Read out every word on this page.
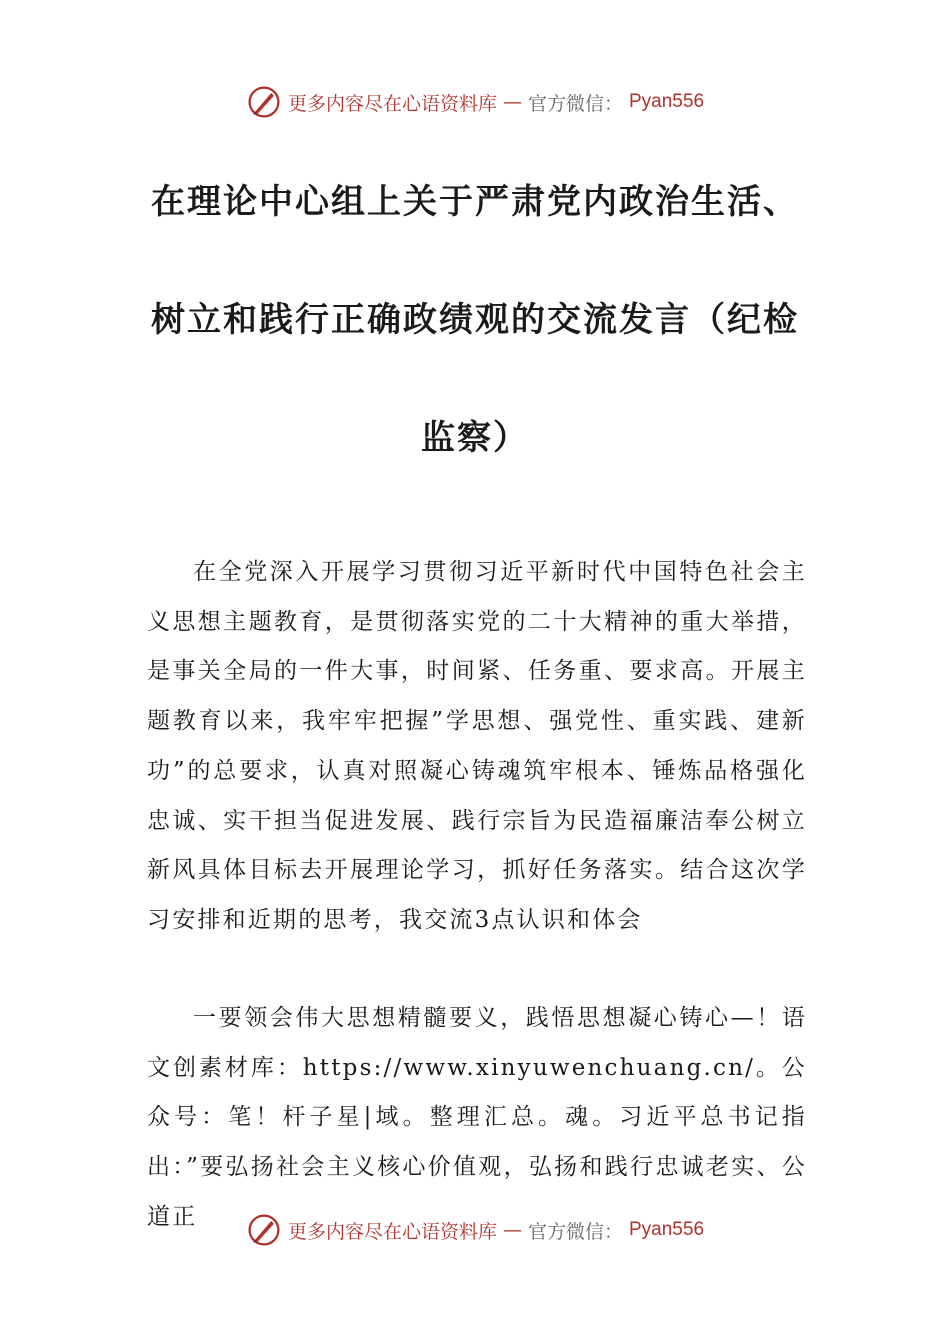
更多内容尽在心语资料库 — 官方微信： Pyan556
在理论中心组上关于严肃党内政治生活、
树立和践行正确政绩观的交流发言（纪检
监察）

在全党深入开展学习贯彻习近平新时代中国特色社会主义思想主题教育，是贯彻落实党的二十大精神的重大举措，是事关全局的一件大事，时间紧、任务重、要求高。开展主题教育以来，我牢牢把握”学思想、强党性、重实践、建新功”的总要求，认真对照凝心铸魂筑牢根本、锤炼品格强化忠诚、实干担当促进发展、践行宗旨为民造福廉洁奉公树立新风具体目标去开展理论学习，抓好任务落实。结合这次学习安排和近期的思考，我交流3点认识和体会

一要领会伟大思想精髓要义，践悟思想凝心铸心—！语文创素材库：https://www.xinyuwenchuang.cn/。公众号：笔！杆子星|域。整理汇总。魂。习近平总书记指出：”要弘扬社会主义核心价值观，弘扬和践行忠诚老实、公道正

更多内容尽在心语资料库 — 官方微信： Pyan556
